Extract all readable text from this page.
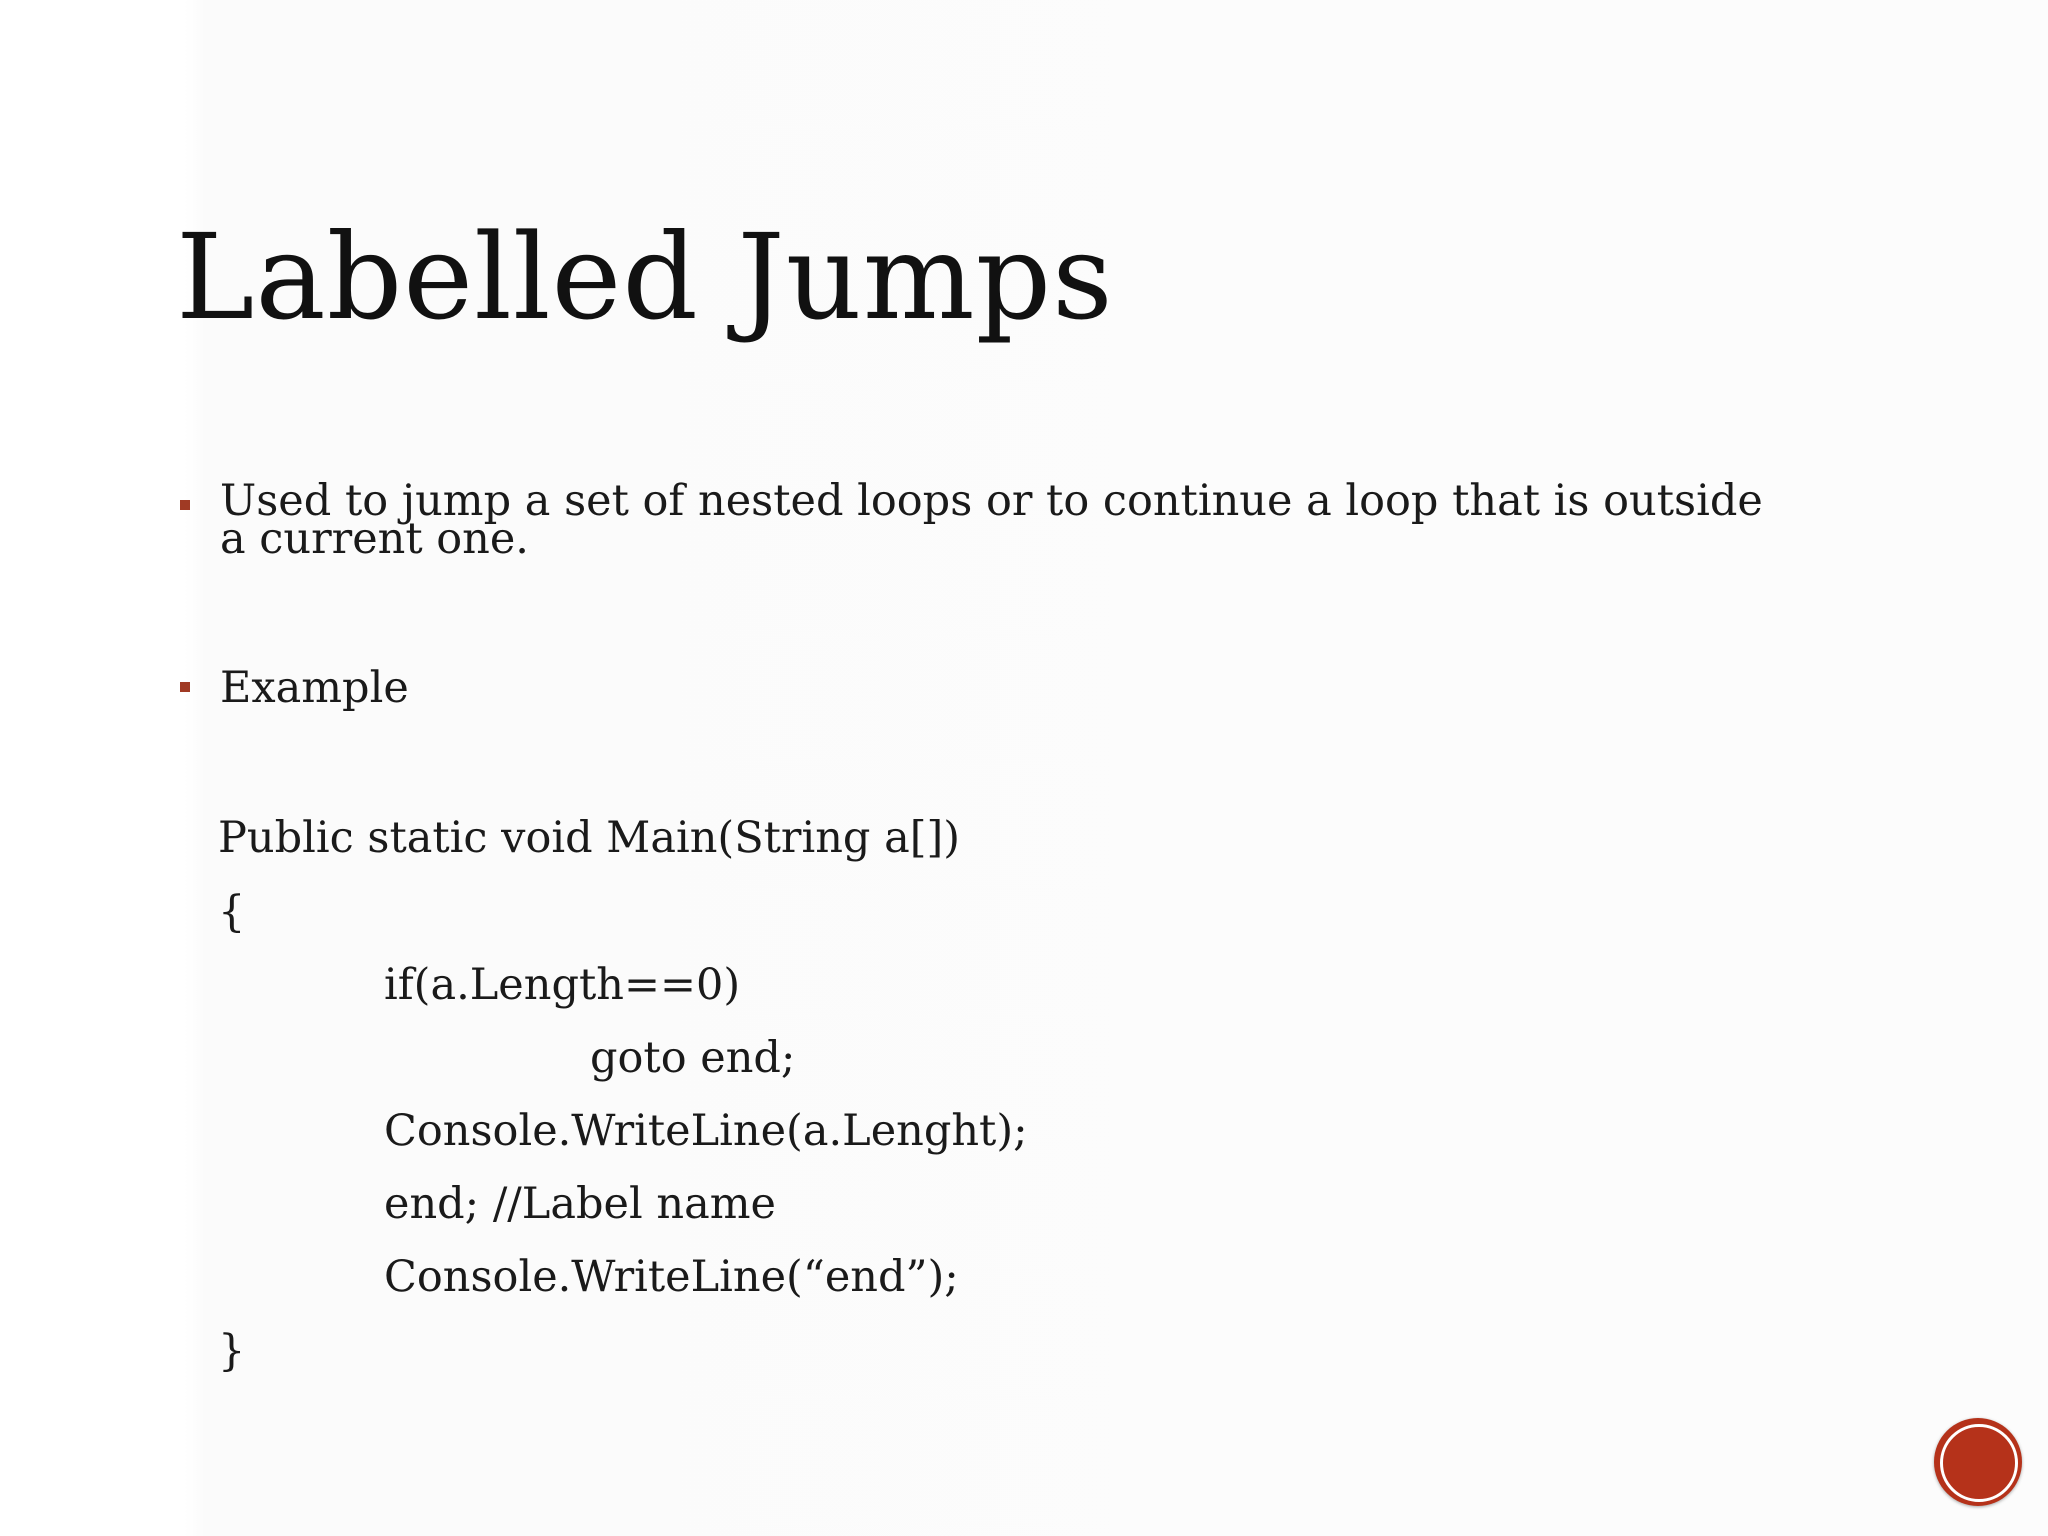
Labelled Jumps
Used to jump a set of nested loops or to continue a loop that is outside a current one.
Example
Public static void Main(String a[])
{
if(a.Length==0)
goto end;
Console.WriteLine(a.Lenght);
end; //Label name
Console.WriteLine(“end”);
}
